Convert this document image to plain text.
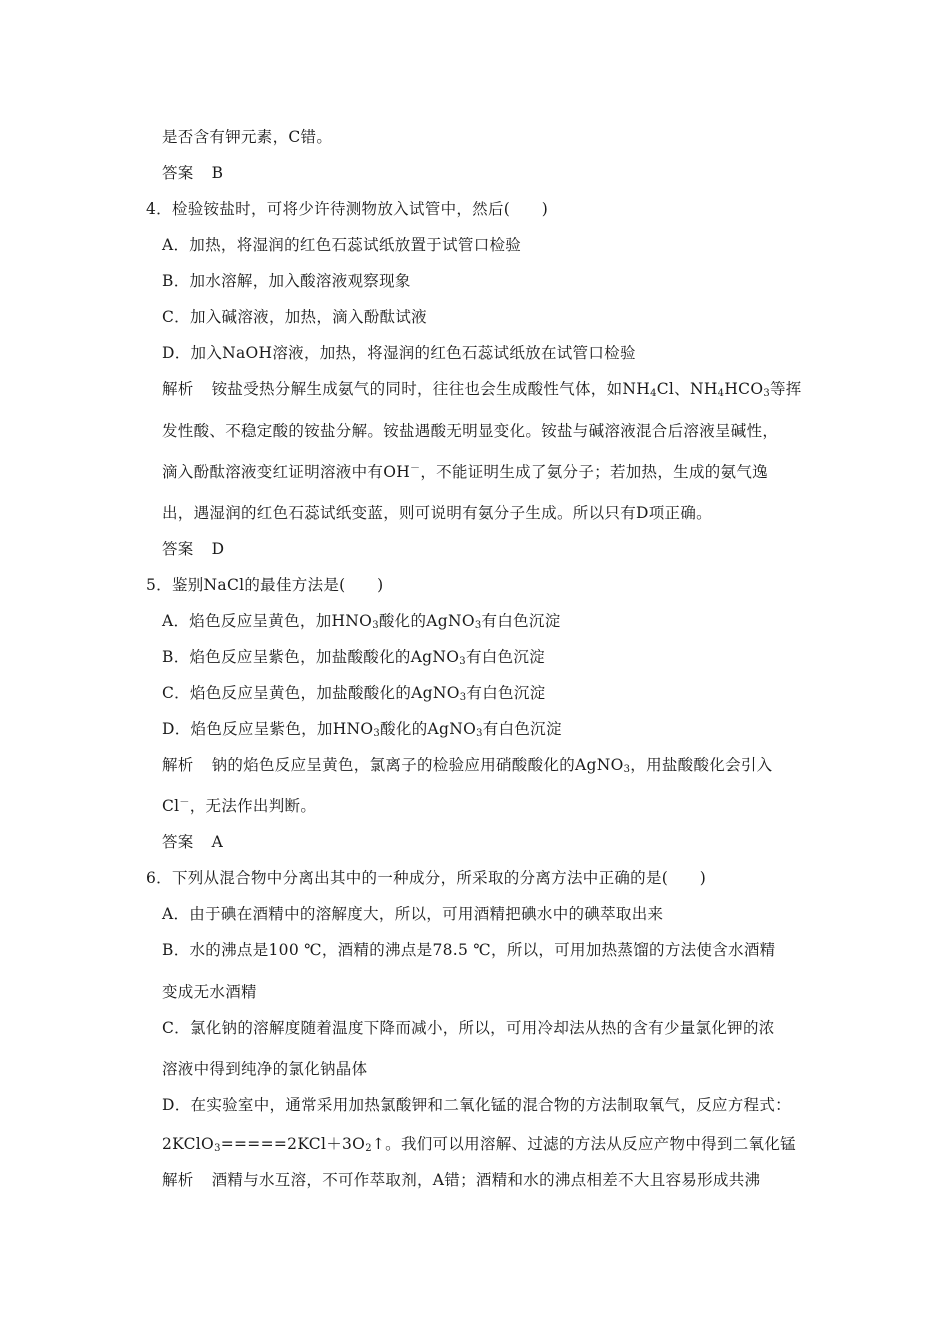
是否含有钾元素，C错。
答案 B
4．检验铵盐时，可将少许待测物放入试管中，然后(　　)
A．加热，将湿润的红色石蕊试纸放置于试管口检验
B．加水溶解，加入酸溶液观察现象
C．加入碱溶液，加热，滴入酚酞试液
D．加入NaOH溶液，加热，将湿润的红色石蕊试纸放在试管口检验
解析 铵盐受热分解生成氨气的同时，往往也会生成酸性气体，如$NH_4Cl$、$NH_4HCO_3$等挥
发性酸、不稳定酸的铵盐分解。铵盐遇酸无明显变化。铵盐与碱溶液混合后溶液呈碱性，
滴入酚酞溶液变红证明溶液中有OH－，不能证明生成了氨分子；若加热，生成的氨气逸
出，遇湿润的红色石蕊试纸变蓝，则可说明有氨分子生成。所以只有D项正确。
答案 D
5．鉴别NaCl的最佳方法是(　　)
A．焰色反应呈黄色，加$HNO_3$酸化的AgNO$_3$有白色沉淀
B．焰色反应呈紫色，加盐酸酸化的AgNO$_3$有白色沉淀
C．焰色反应呈黄色，加盐酸酸化的AgNO$_3$有白色沉淀
D．焰色反应呈紫色，加$HNO_3$酸化的AgNO$_3$有白色沉淀
解析 钠的焰色反应呈黄色，氯离子的检验应用硝酸酸化的AgNO$_3$，用盐酸酸化会引入
Cl－，无法作出判断。
答案 A
6．下列从混合物中分离出其中的一种成分，所采取的分离方法中正确的是(　　)
A．由于碘在酒精中的溶解度大，所以，可用酒精把碘水中的碘萃取出来
B．水的沸点是100 ℃，酒精的沸点是78.5 ℃，所以，可用加热蒸馏的方法使含水酒精
变成无水酒精
C．氯化钠的溶解度随着温度下降而减小，所以，可用冷却法从热的含有少量氯化钾的浓
溶液中得到纯净的氯化钠晶体
D．在实验室中，通常采用加热氯酸钾和二氧化锰的混合物的方法制取氧气，反应方程式：
$2KClO_3=====2KCl+3O_2↑$。我们可以用溶解、过滤的方法从反应产物中得到二氧化锰
解析 酒精与水互溶，不可作萃取剂，A错；酒精和水的沸点相差不大且容易形成共沸
